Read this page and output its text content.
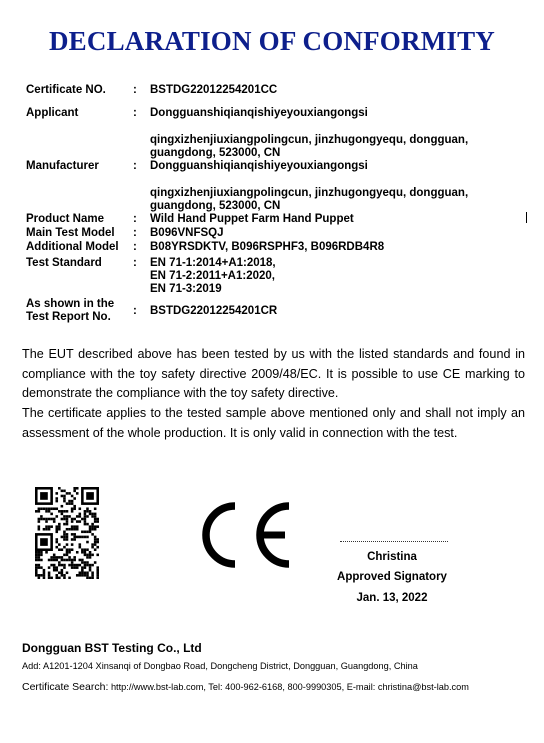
DECLARATION OF CONFORMITY
Certificate NO. : BSTDG22012254201CC
Applicant	: Dongguanshiqianqishiyeyouxiangongsi
qingxizhenjiuxiangpolingcun, jinzhugongyequ, dongguan,
guangdong, 523000, CN
Manufacturer	: Dongguanshiqianqishiyeyouxiangongsi
qingxizhenjiuxiangpolingcun, jinzhugongyequ, dongguan,
guangdong, 523000, CN
Product Name	: Wild Hand Puppet Farm Hand Puppet
Main Test Model : B096VNFSQJ
Additional Model : B08YRSDKTV, B096RSPHF3, B096RDB4R8
Test Standard	: EN 71-1:2014+A1:2018,
EN 71-2:2011+A1:2020,
EN 71-3:2019
As shown in the
Test Report No. : BSTDG22012254201CR
The EUT described above has been tested by us with the listed standards and found in compliance with the toy safety directive 2009/48/EC. It is possible to use CE marking to demonstrate the compliance with the toy safety directive.
The certificate applies to the tested sample above mentioned only and shall not imply an assessment of the whole production. It is only valid in connection with the test.
Christina
Approved Signatory
Jan. 13, 2022
Dongguan BST Testing Co., Ltd
Add: A1201-1204 Xinsanqi of Dongbao Road, Dongcheng District, Dongguan, Guangdong, China
Certificate Search: http://www.bst-lab.com, Tel: 400-962-6168, 800-9990305, E-mail: christina@bst-lab.com
